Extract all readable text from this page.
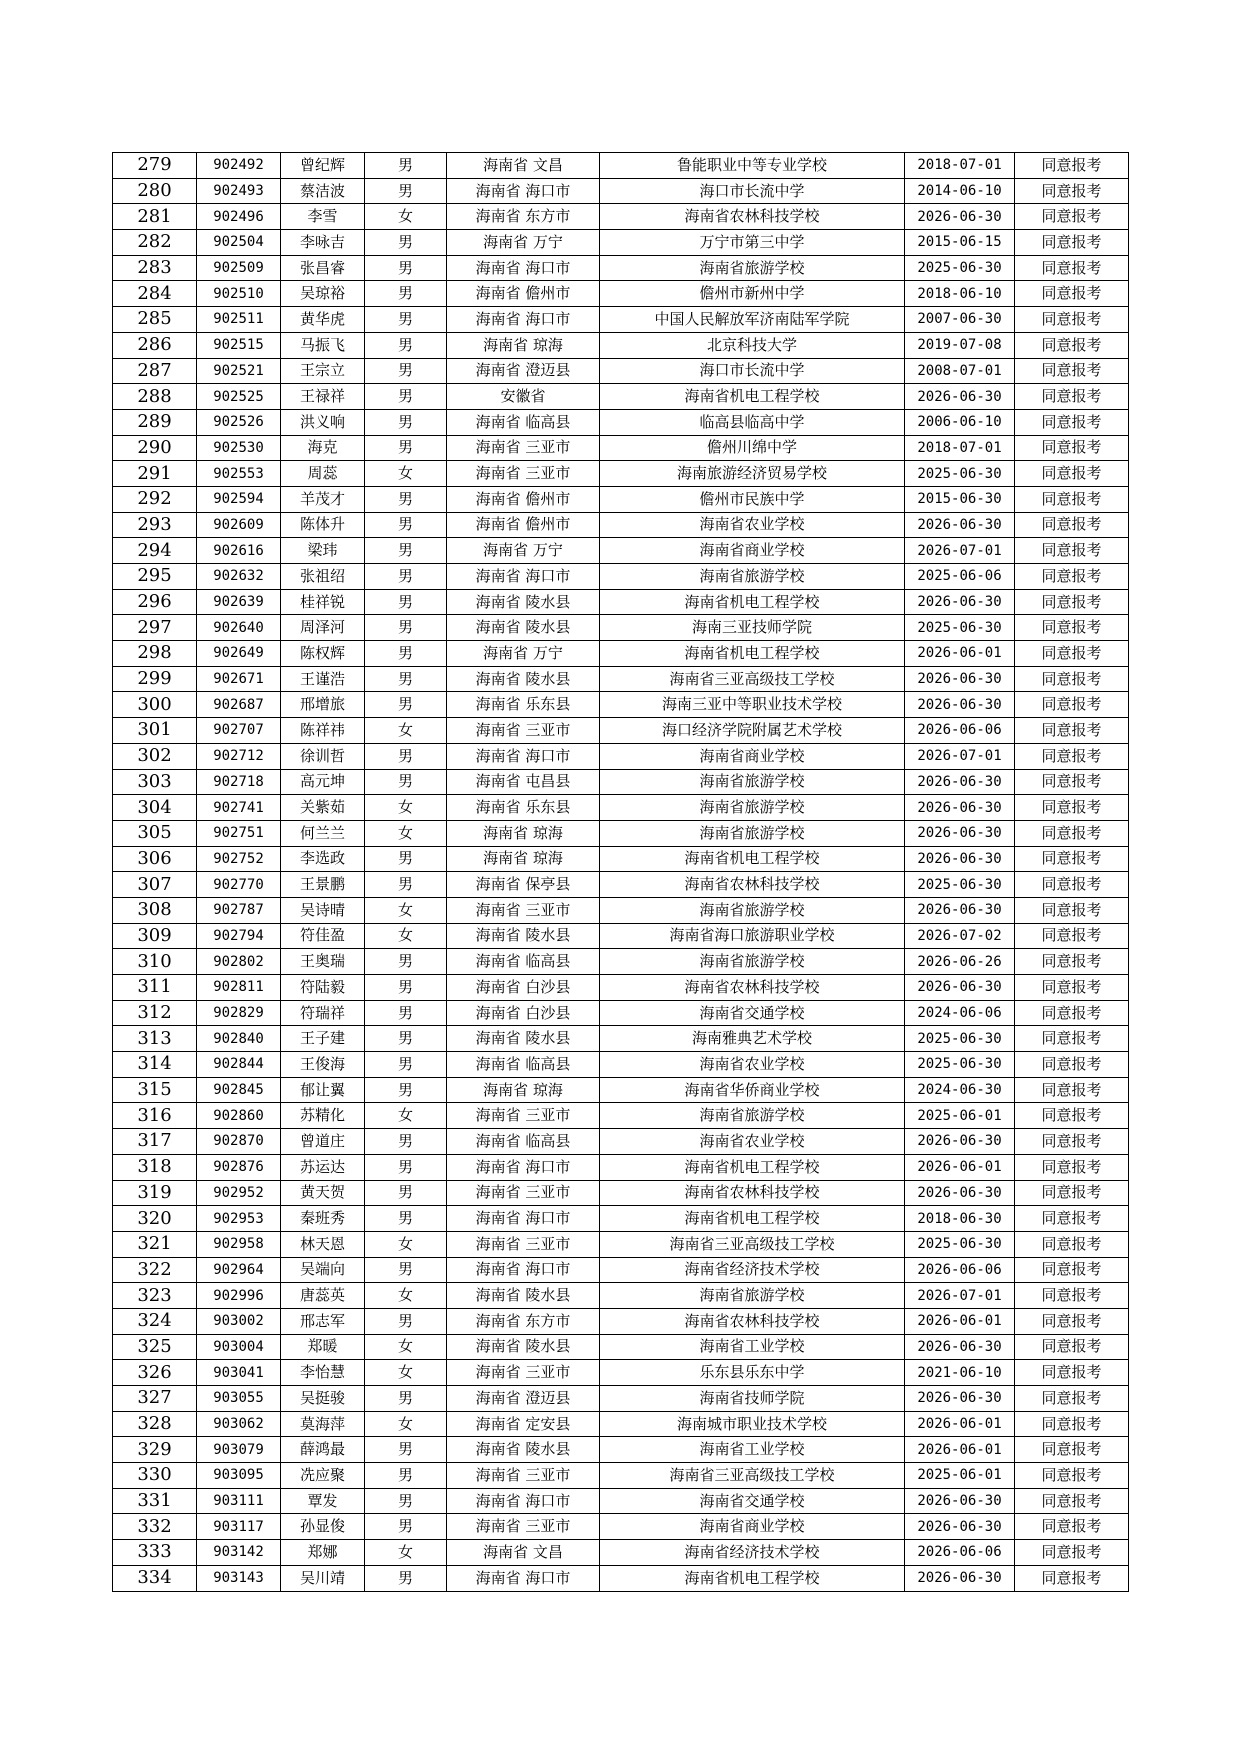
279	902492	曾纪辉	男	海南省 文昌	鲁能职业中等专业学校	2018-07-01	同意报考
280	902493	蔡洁波	男	海南省 海口市	海口市长流中学	2014-06-10	同意报考
281	902496	李雪	女	海南省 东方市	海南省农林科技学校	2026-06-30	同意报考
282	902504	李咏吉	男	海南省 万宁	万宁市第三中学	2015-06-15	同意报考
283	902509	张昌睿	男	海南省 海口市	海南省旅游学校	2025-06-30	同意报考
284	902510	吴琼裕	男	海南省 儋州市	儋州市新州中学	2018-06-10	同意报考
285	902511	黄华虎	男	海南省 海口市	中国人民解放军济南陆军学院	2007-06-30	同意报考
286	902515	马振飞	男	海南省 琼海	北京科技大学	2019-07-08	同意报考
287	902521	王宗立	男	海南省 澄迈县	海口市长流中学	2008-07-01	同意报考
288	902525	王禄祥	男	安徽省	海南省机电工程学校	2026-06-30	同意报考
289	902526	洪义响	男	海南省 临高县	临高县临高中学	2006-06-10	同意报考
290	902530	海克	男	海南省 三亚市	儋州川绵中学	2018-07-01	同意报考
291	902553	周蕊	女	海南省 三亚市	海南旅游经济贸易学校	2025-06-30	同意报考
292	902594	羊茂才	男	海南省 儋州市	儋州市民族中学	2015-06-30	同意报考
293	902609	陈体升	男	海南省 儋州市	海南省农业学校	2026-06-30	同意报考
294	902616	梁玮	男	海南省 万宁	海南省商业学校	2026-07-01	同意报考
295	902632	张祖绍	男	海南省 海口市	海南省旅游学校	2025-06-06	同意报考
296	902639	桂祥锐	男	海南省 陵水县	海南省机电工程学校	2026-06-30	同意报考
297	902640	周泽河	男	海南省 陵水县	海南三亚技师学院	2025-06-30	同意报考
298	902649	陈权辉	男	海南省 万宁	海南省机电工程学校	2026-06-01	同意报考
299	902671	王谨浩	男	海南省 陵水县	海南省三亚高级技工学校	2026-06-30	同意报考
300	902687	邢增旅	男	海南省 乐东县	海南三亚中等职业技术学校	2026-06-30	同意报考
301	902707	陈祥祎	女	海南省 三亚市	海口经济学院附属艺术学校	2026-06-06	同意报考
302	902712	徐训哲	男	海南省 海口市	海南省商业学校	2026-07-01	同意报考
303	902718	高元坤	男	海南省 屯昌县	海南省旅游学校	2026-06-30	同意报考
304	902741	关紫茹	女	海南省 乐东县	海南省旅游学校	2026-06-30	同意报考
305	902751	何兰兰	女	海南省 琼海	海南省旅游学校	2026-06-30	同意报考
306	902752	李选政	男	海南省 琼海	海南省机电工程学校	2026-06-30	同意报考
307	902770	王景鹏	男	海南省 保亭县	海南省农林科技学校	2025-06-30	同意报考
308	902787	吴诗晴	女	海南省 三亚市	海南省旅游学校	2026-06-30	同意报考
309	902794	符佳盈	女	海南省 陵水县	海南省海口旅游职业学校	2026-07-02	同意报考
310	902802	王奥瑞	男	海南省 临高县	海南省旅游学校	2026-06-26	同意报考
311	902811	符陆毅	男	海南省 白沙县	海南省农林科技学校	2026-06-30	同意报考
312	902829	符瑞祥	男	海南省 白沙县	海南省交通学校	2024-06-06	同意报考
313	902840	王子建	男	海南省 陵水县	海南雅典艺术学校	2025-06-30	同意报考
314	902844	王俊海	男	海南省 临高县	海南省农业学校	2025-06-30	同意报考
315	902845	郁让翼	男	海南省 琼海	海南省华侨商业学校	2024-06-30	同意报考
316	902860	苏精化	女	海南省 三亚市	海南省旅游学校	2025-06-01	同意报考
317	902870	曾道庄	男	海南省 临高县	海南省农业学校	2026-06-30	同意报考
318	902876	苏运达	男	海南省 海口市	海南省机电工程学校	2026-06-01	同意报考
319	902952	黄天贺	男	海南省 三亚市	海南省农林科技学校	2026-06-30	同意报考
320	902953	秦班秀	男	海南省 海口市	海南省机电工程学校	2018-06-30	同意报考
321	902958	林天恩	女	海南省 三亚市	海南省三亚高级技工学校	2025-06-30	同意报考
322	902964	吴端向	男	海南省 海口市	海南省经济技术学校	2026-06-06	同意报考
323	902996	唐蕊英	女	海南省 陵水县	海南省旅游学校	2026-07-01	同意报考
324	903002	邢志军	男	海南省 东方市	海南省农林科技学校	2026-06-01	同意报考
325	903004	郑暖	女	海南省 陵水县	海南省工业学校	2026-06-30	同意报考
326	903041	李怡慧	女	海南省 三亚市	乐东县乐东中学	2021-06-10	同意报考
327	903055	吴挺骏	男	海南省 澄迈县	海南省技师学院	2026-06-30	同意报考
328	903062	莫海萍	女	海南省 定安县	海南城市职业技术学校	2026-06-01	同意报考
329	903079	薛鸿最	男	海南省 陵水县	海南省工业学校	2026-06-01	同意报考
330	903095	冼应聚	男	海南省 三亚市	海南省三亚高级技工学校	2025-06-01	同意报考
331	903111	覃发	男	海南省 海口市	海南省交通学校	2026-06-30	同意报考
332	903117	孙显俊	男	海南省 三亚市	海南省商业学校	2026-06-30	同意报考
333	903142	郑娜	女	海南省 文昌	海南省经济技术学校	2026-06-06	同意报考
334	903143	吴川靖	男	海南省 海口市	海南省机电工程学校	2026-06-30	同意报考
